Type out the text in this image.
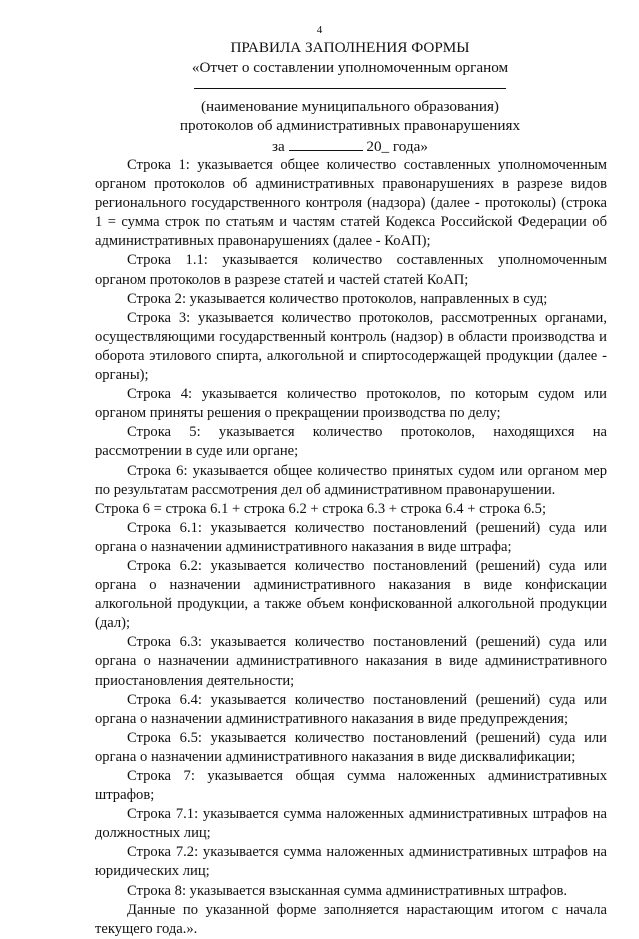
4
ПРАВИЛА ЗАПОЛНЕНИЯ ФОРМЫ
«Отчет о составлении уполномоченным органом
(наименование муниципального образования)
протоколов об административных правонарушениях
за	20_ года»

Строка 1: указывается общее количество составленных уполномоченным органом протоколов об административных правонарушениях в разрезе видов регионального государственного контроля (надзора) (далее - протоколы) (строка 1 = сумма строк по статьям и частям статей Кодекса Российской Федерации об административных правонарушениях (далее - КоАП);

Строка 1.1: указывается количество составленных уполномоченным органом протоколов в разрезе статей и частей статей КоАП;

Строка 2: указывается количество протоколов, направленных в суд;

Строка 3: указывается количество протоколов, рассмотренных органами, осуществляющими государственный контроль (надзор) в области производства и оборота этилового спирта, алкогольной и спиртосодержащей продукции (далее - органы);

Строка 4: указывается количество протоколов, по которым судом или органом приняты решения о прекращении производства по делу;

Строка 5: указывается количество протоколов, находящихся на рассмотрении в суде или органе;

Строка 6: указывается общее количество принятых судом или органом мер по результатам рассмотрения дел об административном правонарушении.

Строка 6 = строка 6.1 + строка 6.2 + строка 6.3 + строка 6.4 + строка 6.5;

Строка 6.1: указывается количество постановлений (решений) суда или органа о назначении административного наказания в виде штрафа;

Строка 6.2: указывается количество постановлений (решений) суда или органа о назначении административного наказания в виде конфискации алкогольной продукции, а также объем конфискованной алкогольной продукции (дал);

Строка 6.3: указывается количество постановлений (решений) суда или органа о назначении административного наказания в виде административного приостановления деятельности;

Строка 6.4: указывается количество постановлений (решений) суда или органа о назначении административного наказания в виде предупреждения;

Строка 6.5: указывается количество постановлений (решений) суда или органа о назначении административного наказания в виде дисквалификации;

Строка 7: указывается общая сумма наложенных административных штрафов;

Строка 7.1: указывается сумма наложенных административных штрафов на должностных лиц;

Строка 7.2: указывается сумма наложенных административных штрафов на юридических лиц;

Строка 8: указывается взысканная сумма административных штрафов.

Данные по указанной форме заполняется нарастающим итогом с начала текущего года.».
